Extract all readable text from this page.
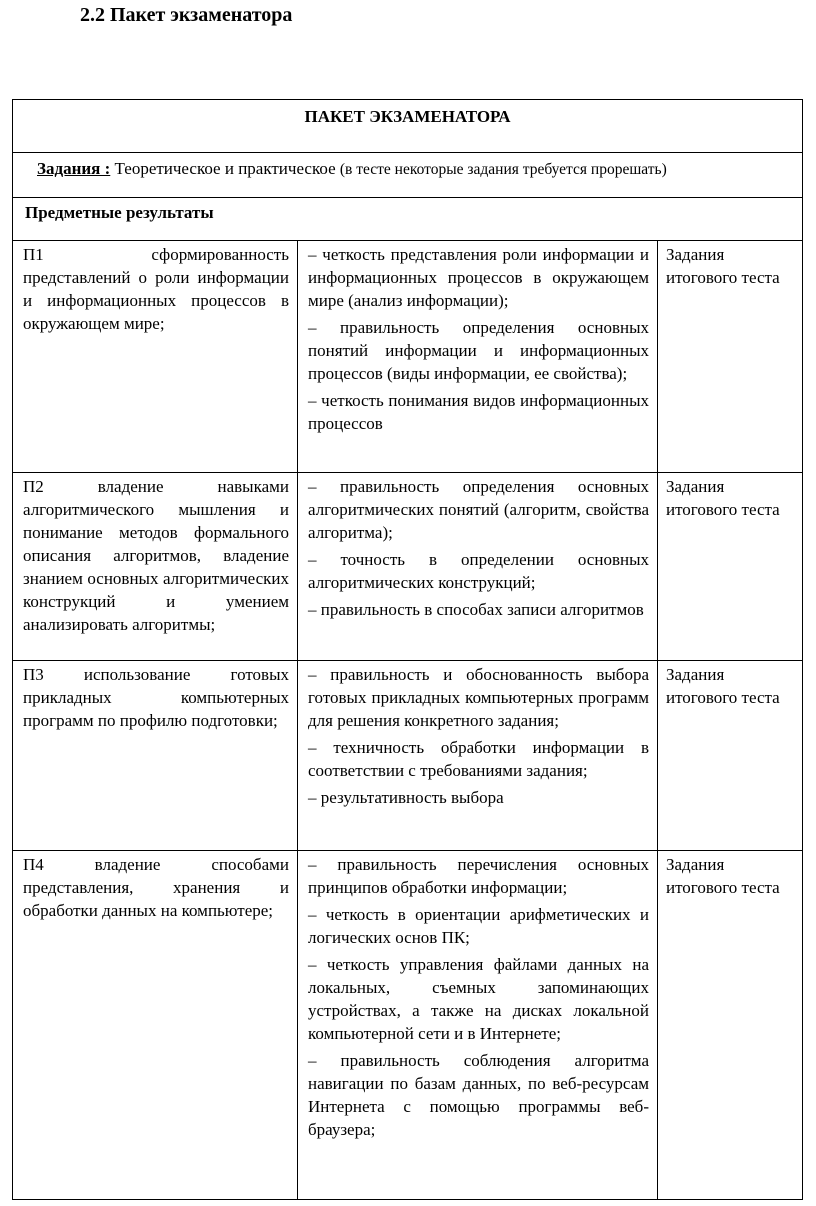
2.2 Пакет экзаменатора
ПАКЕТ ЭКЗАМЕНАТОРА		

Задания : Теоретическое и практическое (в тесте некоторые задания требуется прорешать)		

Предметные результаты		

П1 сформированность представлений о роли информации и информационных процессов в окружающем мире;	– четкость представления роли информации и информационных процессов в окружающем мире (анализ информации);

– правильность определения основных понятий информации и информационных процессов (виды информации, ее свойства);

– четкость понимания видов информационных процессов	Задания итогового теста
П2 владение навыками алгоритмического мышления и понимание методов формального описания алгоритмов, владение знанием основных алгоритмических конструкций и умением анализировать алгоритмы;	– правильность определения основных алгоритмических понятий (алгоритм, свойства алгоритма);

– точность в определении основных алгоритмических конструкций;

– правильность в способах записи алгоритмов	Задания итогового теста
П3 использование готовых прикладных компьютерных программ по профилю подготовки;	– правильность и обоснованность выбора готовых прикладных компьютерных программ для решения конкретного задания;

– техничность обработки информации в соответствии с требованиями задания;

– результативность выбора	Задания итогового теста
П4 владение способами представления, хранения и обработки данных на компьютере;	– правильность перечисления основных принципов обработки информации;

– четкость в ориентации арифметических и логических основ ПК;

– четкость управления файлами данных на локальных, съемных запоминающих устройствах, а также на дисках локальной компьютерной сети и в Интернете;

– правильность соблюдения алгоритма навигации по базам данных, по веб-ресурсам Интернета с помощью программы веб-браузера;	Задания итогового теста
